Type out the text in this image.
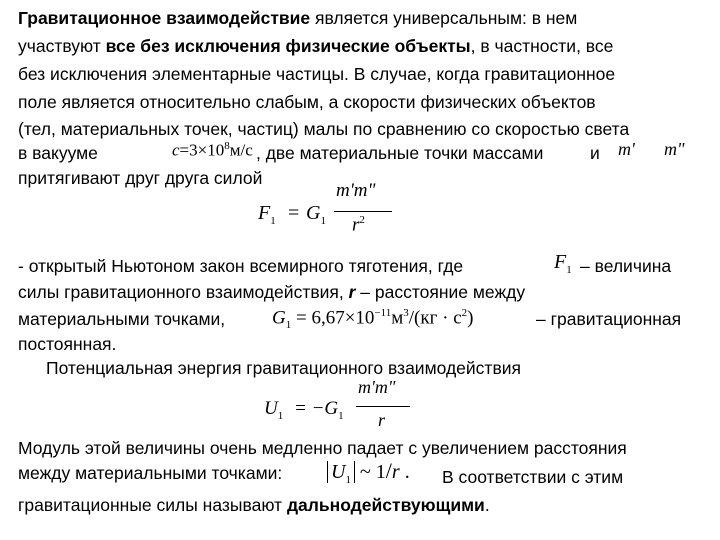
Гравитационное взаимодействие является универсальным: в нем
участвуют все без исключения физические объекты, в частности, все
без исключения элементарные частицы. В случае, когда гравитационное
поле является относительно слабым, а скорости физических объектов
(тел, материальных точек, частиц) малы по сравнению со скоростью света
в вакууме	$c=3\times 10^8м/с$ , две материальные точки массами	и m' m"
притягивают друг друга силой
$F_1 = G_1$
m'm"
$r^2$
- открытый Ньютоном закон всемирного тяготения, где	$F_1$ – величина
силы гравитационного взаимодействия, r – расстояние между
материальными точками, $G_1 = 6,67\times 10^{-11}м^3/(кг \cdot с^2)$	– гравитационная
постоянная.
Потенциальная энергия гравитационного взаимодействия
$U_1 = -G_1$
m'm"
r
Модуль этой величины очень медленно падает с увеличением расстояния
между материальными точками: $U_1$ ~ 1/r . В соответствии с этим
гравитационные силы называют дальнодействующими.
